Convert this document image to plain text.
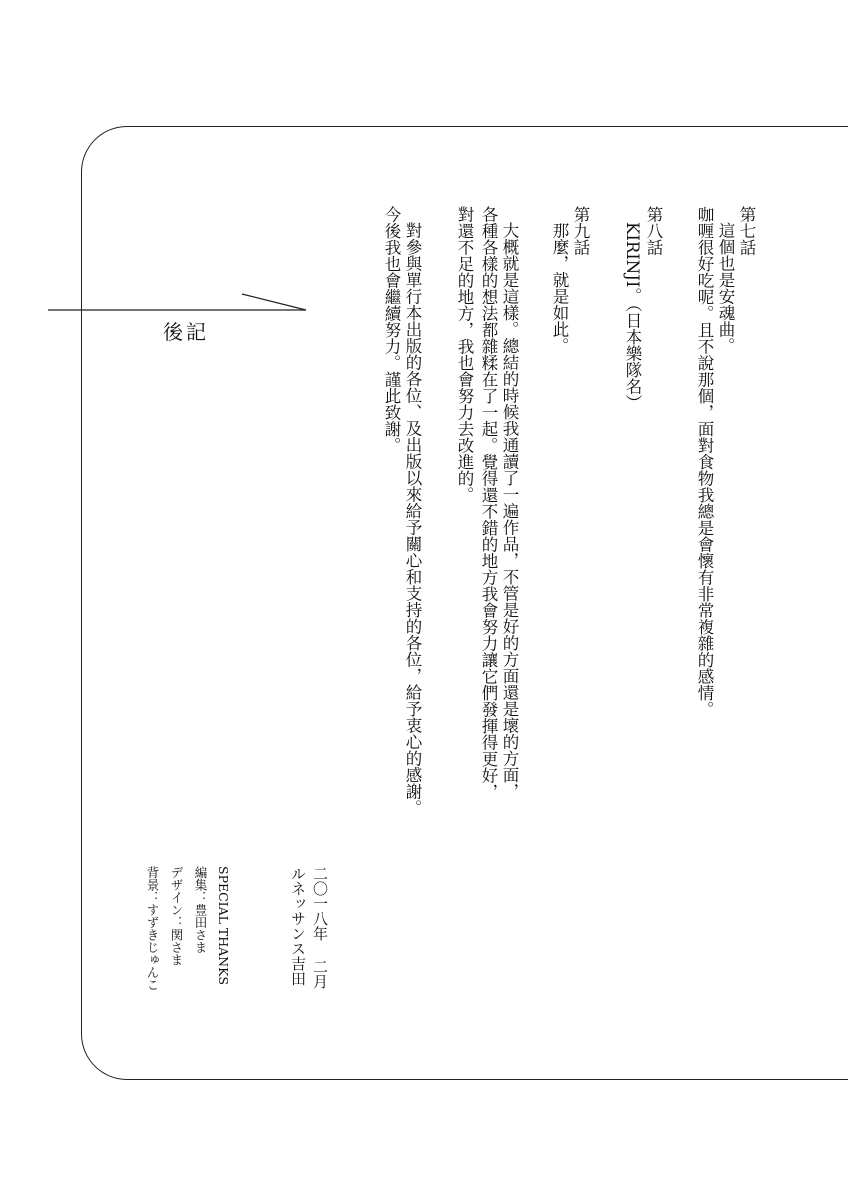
後記
第七話
這個也是安魂曲。
咖喱很好吃呢。且不說那個，面對食物我總是會懷有非常複雜的感情。
第八話
KIRINJI。（日本樂隊名）
第九話
那麼，就是如此。
大概就是這樣。總結的時候我通讀了一遍作品，不管是好的方面還是壞的方面，
各種各樣的想法都雜糅在了一起。覺得還不錯的地方我會努力讓它們發揮得更好，
對還不足的地方，我也會努力去改進的。
對參與單行本出版的各位、及出版以來給予關心和支持的各位，給予衷心的感謝。
今後我也會繼續努力。謹此致謝。
二〇一八年 二月
ルネッサンス吉田
SPECIAL THANKS
編集：豊田さま
デザイン：関さま
背景：すずきじゅんこ
